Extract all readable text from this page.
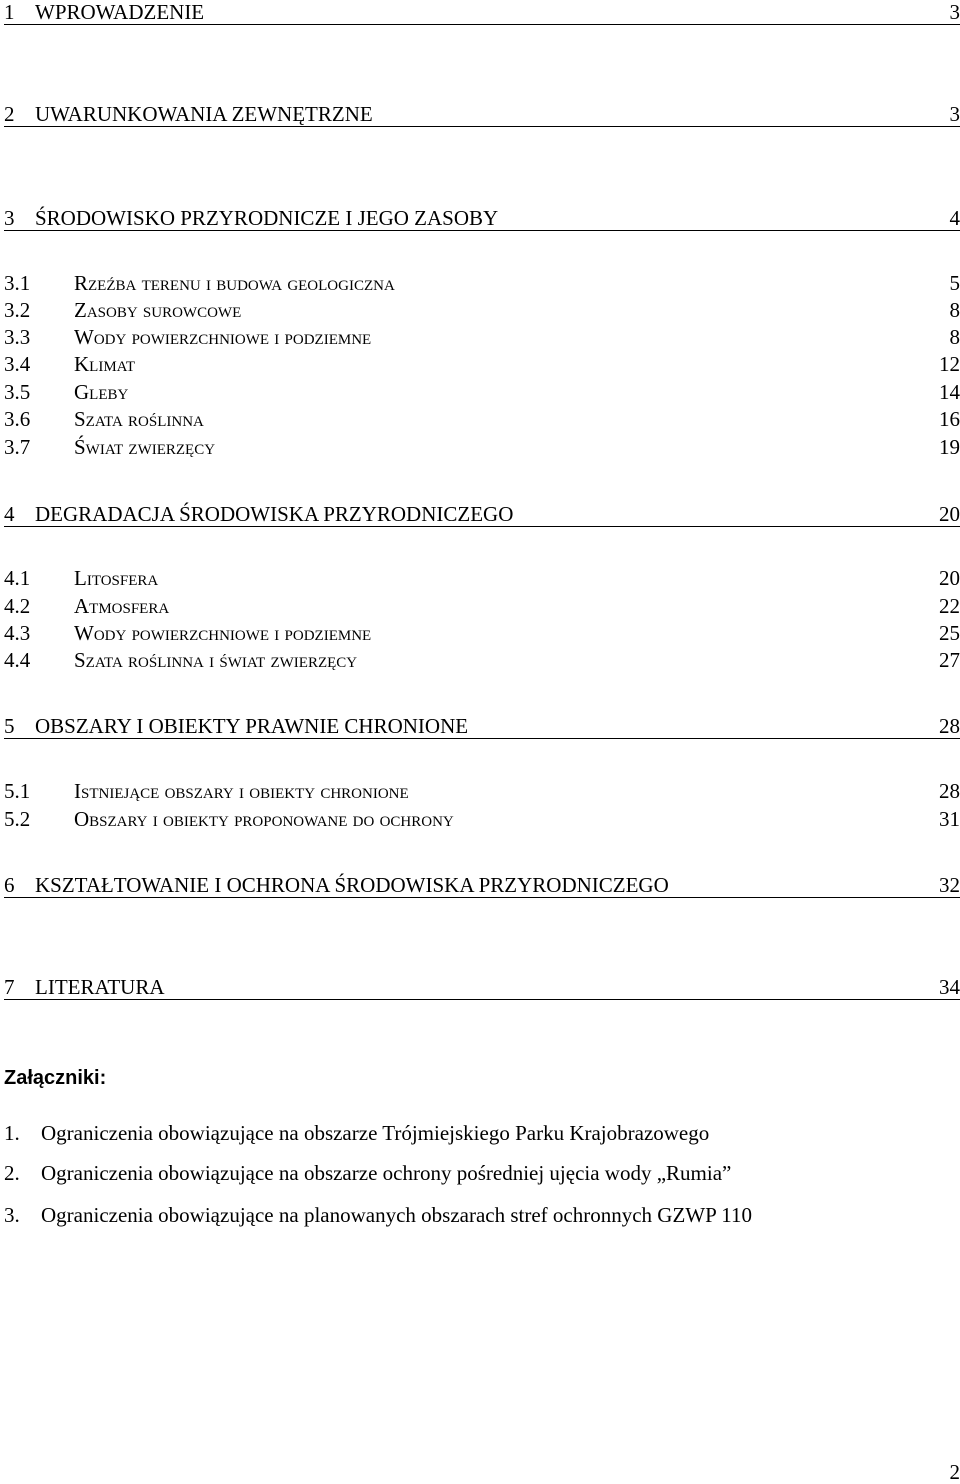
1 WPROWADZENIE	3
2 UWARUNKOWANIA ZEWNĘTRZNE	3
3 ŚRODOWISKO PRZYRODNICZE I JEGO ZASOBY	4
3.1 Rzeźba terenu i budowa geologiczna	5
3.2 Zasoby surowcowe	8
3.3 Wody powierzchniowe i podziemne	8
3.4 Klimat	12
3.5 Gleby	14
3.6 Szata roślinna	16
3.7 Świat zwierzęcy	19
4 DEGRADACJA ŚRODOWISKA PRZYRODNICZEGO	20
4.1 Litosfera	20
4.2 Atmosfera	22
4.3 Wody powierzchniowe i podziemne	25
4.4 Szata roślinna i świat zwierzęcy	27
5 OBSZARY I OBIEKTY PRAWNIE CHRONIONE	28
5.1 Istniejące obszary i obiekty chronione	28
5.2 Obszary i obiekty proponowane do ochrony	31
6 KSZTAŁTOWANIE I OCHRONA ŚRODOWISKA PRZYRODNICZEGO	32
7 LITERATURA	34
Załączniki:
1. Ograniczenia obowiązujące na obszarze Trójmiejskiego Parku Krajobrazowego
2. Ograniczenia obowiązujące na obszarze ochrony pośredniej ujęcia wody „Rumia”
3. Ograniczenia obowiązujące na planowanych obszarach stref ochronnych GZWP 110
2
